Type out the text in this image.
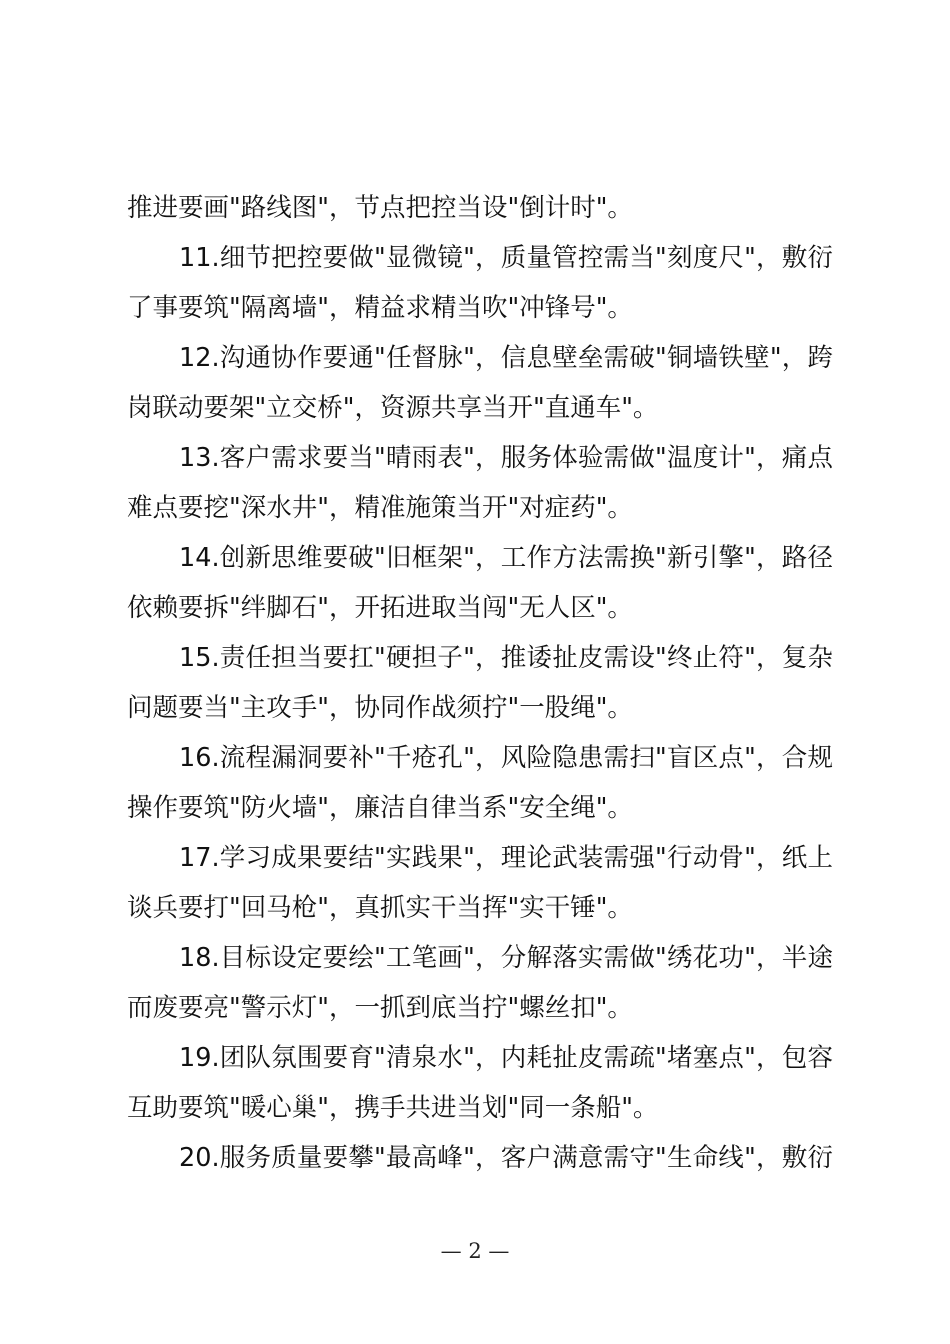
推进要画"路线图"，节点把控当设"倒计时"。
11.细节把控要做"显微镜"，质量管控需当"刻度尺"，敷衍
了事要筑"隔离墙"，精益求精当吹"冲锋号"。
12.沟通协作要通"任督脉"，信息壁垒需破"铜墙铁壁"，跨
岗联动要架"立交桥"，资源共享当开"直通车"。
13.客户需求要当"晴雨表"，服务体验需做"温度计"，痛点
难点要挖"深水井"，精准施策当开"对症药"。
14.创新思维要破"旧框架"，工作方法需换"新引擎"，路径
依赖要拆"绊脚石"，开拓进取当闯"无人区"。
15.责任担当要扛"硬担子"，推诿扯皮需设"终止符"，复杂
问题要当"主攻手"，协同作战须拧"一股绳"。
16.流程漏洞要补"千疮孔"，风险隐患需扫"盲区点"，合规
操作要筑"防火墙"，廉洁自律当系"安全绳"。
17.学习成果要结"实践果"，理论武装需强"行动骨"，纸上
谈兵要打"回马枪"，真抓实干当挥"实干锤"。
18.目标设定要绘"工笔画"，分解落实需做"绣花功"，半途
而废要亮"警示灯"，一抓到底当拧"螺丝扣"。
19.团队氛围要育"清泉水"，内耗扯皮需疏"堵塞点"，包容
互助要筑"暖心巢"，携手共进当划"同一条船"。
20.服务质量要攀"最高峰"，客户满意需守"生命线"，敷衍
— 2 —
